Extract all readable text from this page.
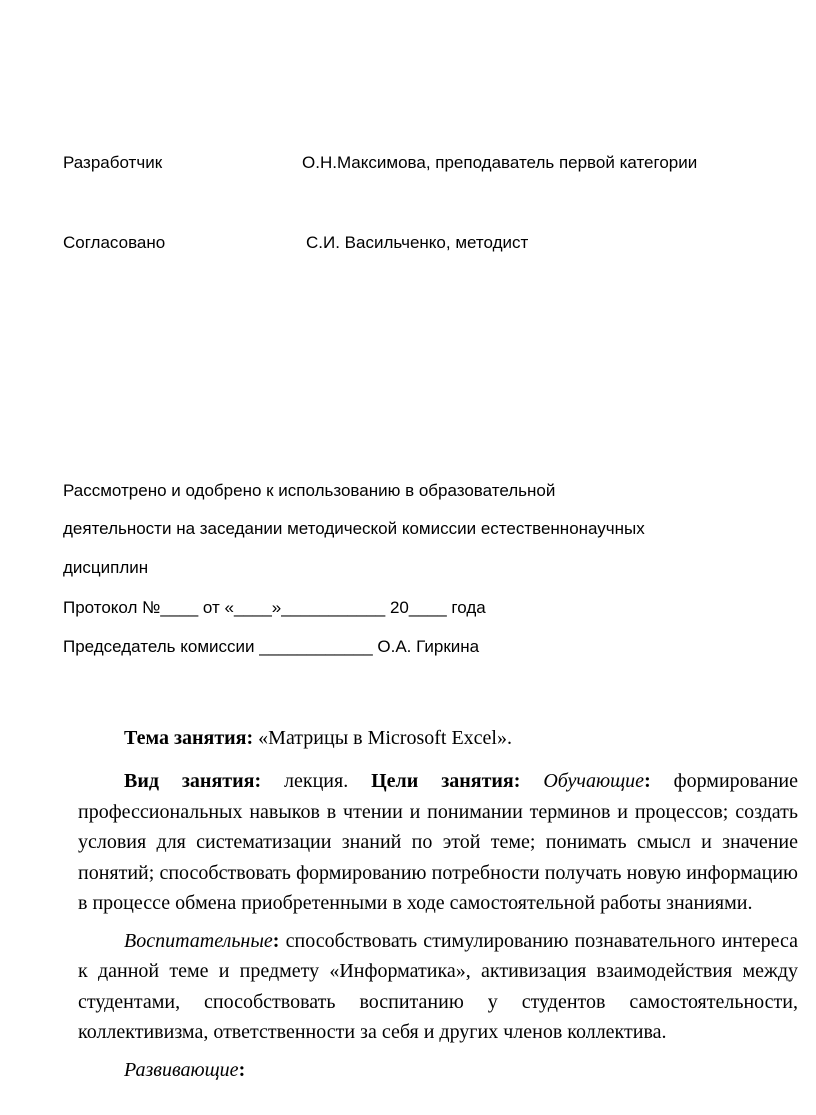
Разработчик	О.Н.Максимова, преподаватель первой категории
Согласовано	С.И. Васильченко, методист
Рассмотрено и одобрено к использованию в образовательной
деятельности на заседании методической комиссии естественнонаучных
дисциплин
Протокол №____ от «____»___________ 20____ года
Председатель комиссии ____________ О.А. Гиркина
Тема занятия: «Матрицы в Microsoft Excel».

Вид занятия: лекция. Цели занятия: Обучающие: формирование профессиональных навыков в чтении и понимании терминов и процессов; создать условия для систематизации знаний по этой теме; понимать смысл и значение понятий; способствовать формированию потребности получать новую информацию в процессе обмена приобретенными в ходе самостоятельной работы знаниями.

Воспитательные: способствовать стимулированию познавательного интереса к данной теме и предмету «Информатика», активизация взаимодействия между студентами, способствовать воспитанию у студентов самостоятельности, коллективизма, ответственности за себя и других членов коллектива.

Развивающие:
